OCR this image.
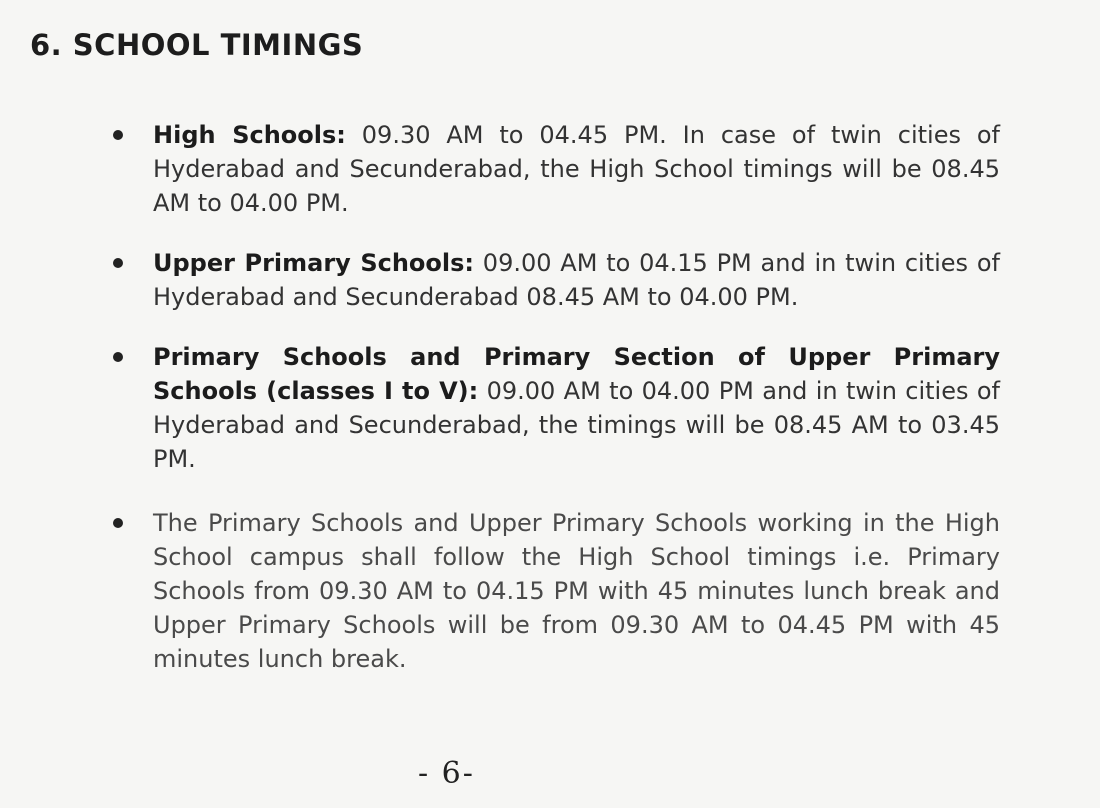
6. SCHOOL TIMINGS
High Schools: 09.30 AM to 04.45 PM. In case of twin cities of Hyderabad and Secunderabad, the High School timings will be 08.45 AM to 04.00 PM.
Upper Primary Schools: 09.00 AM to 04.15 PM and in twin cities of Hyderabad and Secunderabad 08.45 AM to 04.00 PM.
Primary Schools and Primary Section of Upper Primary Schools (classes I to V): 09.00 AM to 04.00 PM and in twin cities of Hyderabad and Secunderabad, the timings will be 08.45 AM to 03.45 PM.
The Primary Schools and Upper Primary Schools working in the High School campus shall follow the High School timings i.e. Primary Schools from 09.30 AM to 04.15 PM with 45 minutes lunch break and Upper Primary Schools will be from 09.30 AM to 04.45 PM with 45 minutes lunch break.
- 6-
